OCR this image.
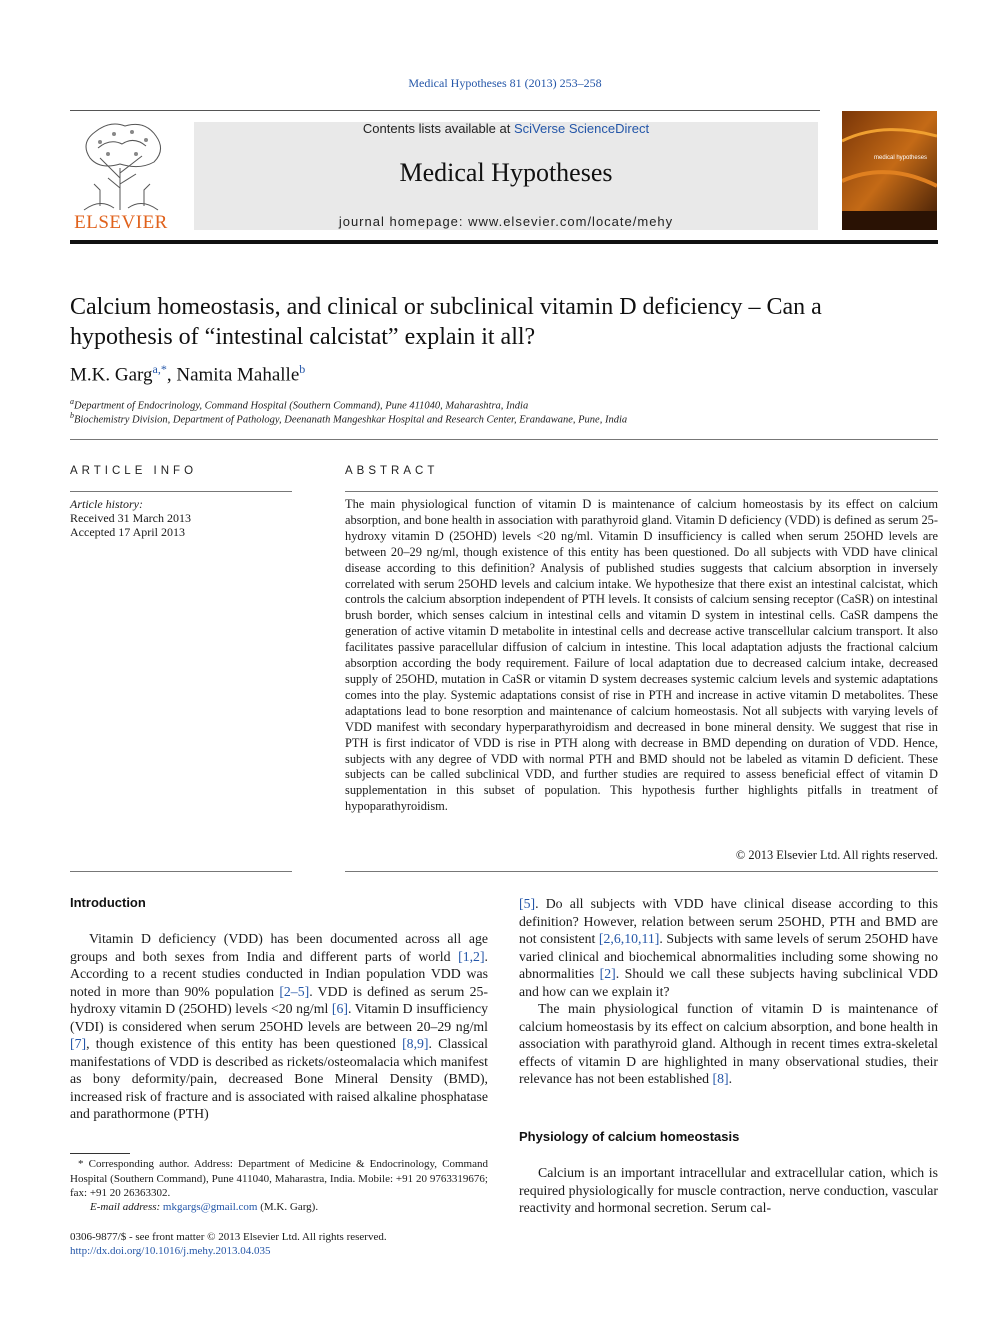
Medical Hypotheses 81 (2013) 253–258
ELSEVIER
Contents lists available at SciVerse ScienceDirect
Medical Hypotheses
journal homepage: www.elsevier.com/locate/mehy
medical hypotheses
Calcium homeostasis, and clinical or subclinical vitamin D deficiency – Can a hypothesis of “intestinal calcistat” explain it all?
M.K. Garg$^{a,*}$, Namita Mahalle$^b$
$^a$Department of Endocrinology, Command Hospital (Southern Command), Pune 411040, Maharashtra, India
$^b$Biochemistry Division, Department of Pathology, Deenanath Mangeshkar Hospital and Research Center, Erandawane, Pune, India
ARTICLE INFO
Article history:
Received 31 March 2013
Accepted 17 April 2013
ABSTRACT
The main physiological function of vitamin D is maintenance of calcium homeostasis by its effect on calcium absorption, and bone health in association with parathyroid gland. Vitamin D deficiency (VDD) is defined as serum 25-hydroxy vitamin D (25OHD) levels <20 ng/ml. Vitamin D insufficiency is called when serum 25OHD levels are between 20–29 ng/ml, though existence of this entity has been questioned. Do all subjects with VDD have clinical disease according to this definition? Analysis of published studies suggests that calcium absorption in inversely correlated with serum 25OHD levels and calcium intake. We hypothesize that there exist an intestinal calcistat, which controls the calcium absorption independent of PTH levels. It consists of calcium sensing receptor (CaSR) on intestinal brush border, which senses calcium in intestinal cells and vitamin D system in intestinal cells. CaSR dampens the generation of active vitamin D metabolite in intestinal cells and decrease active transcellular calcium transport. It also facilitates passive paracellular diffusion of calcium in intestine. This local adaptation adjusts the fractional calcium absorption according the body requirement. Failure of local adaptation due to decreased calcium intake, decreased supply of 25OHD, mutation in CaSR or vitamin D system decreases systemic calcium levels and systemic adaptations comes into the play. Systemic adaptations consist of rise in PTH and increase in active vitamin D metabolites. These adaptations lead to bone resorption and maintenance of calcium homeostasis. Not all subjects with varying levels of VDD manifest with secondary hyperparathyroidism and decreased in bone mineral density. We suggest that rise in PTH is first indicator of VDD is rise in PTH along with decrease in BMD depending on duration of VDD. Hence, subjects with any degree of VDD with normal PTH and BMD should not be labeled as vitamin D deficient. These subjects can be called subclinical VDD, and further studies are required to assess beneficial effect of vitamin D supplementation in this subset of population. This hypothesis further highlights pitfalls in treatment of hypoparathyroidism.
© 2013 Elsevier Ltd. All rights reserved.
Introduction

Vitamin D deficiency (VDD) has been documented across all age groups and both sexes from India and different parts of world [1,2]. According to a recent studies conducted in Indian population VDD was noted in more than 90% population [2–5]. VDD is defined as serum 25-hydroxy vitamin D (25OHD) levels <20 ng/ml [6]. Vitamin D insufficiency (VDI) is considered when serum 25OHD levels are between 20–29 ng/ml [7], though existence of this entity has been questioned [8,9]. Classical manifestations of VDD is described as rickets/osteomalacia which manifest as bony deformity/pain, decreased Bone Mineral Density (BMD), increased risk of fracture and is associated with raised alkaline phosphatase and parathormone (PTH)

[5]. Do all subjects with VDD have clinical disease according to this definition? However, relation between serum 25OHD, PTH and BMD are not consistent [2,6,10,11]. Subjects with same levels of serum 25OHD have varied clinical and biochemical abnormalities including some showing no abnormalities [2]. Should we call these subjects having subclinical VDD and how can we explain it?

The main physiological function of vitamin D is maintenance of calcium homeostasis by its effect on calcium absorption, and bone health in association with parathyroid gland. Although in recent times extra-skeletal effects of vitamin D are highlighted in many observational studies, their relevance has not been established [8].

Physiology of calcium homeostasis

Calcium is an important intracellular and extracellular cation, which is required physiologically for muscle contraction, nerve conduction, vascular reactivity and hormonal secretion. Serum cal-

* Corresponding author. Address: Department of Medicine & Endocrinology, Command Hospital (Southern Command), Pune 411040, Maharastra, India. Mobile: +91 20 9763319676; fax: +91 20 26363302.

E-mail address: mkgargs@gmail.com (M.K. Garg).
0306-9877/$ - see front matter © 2013 Elsevier Ltd. All rights reserved.
http://dx.doi.org/10.1016/j.mehy.2013.04.035
